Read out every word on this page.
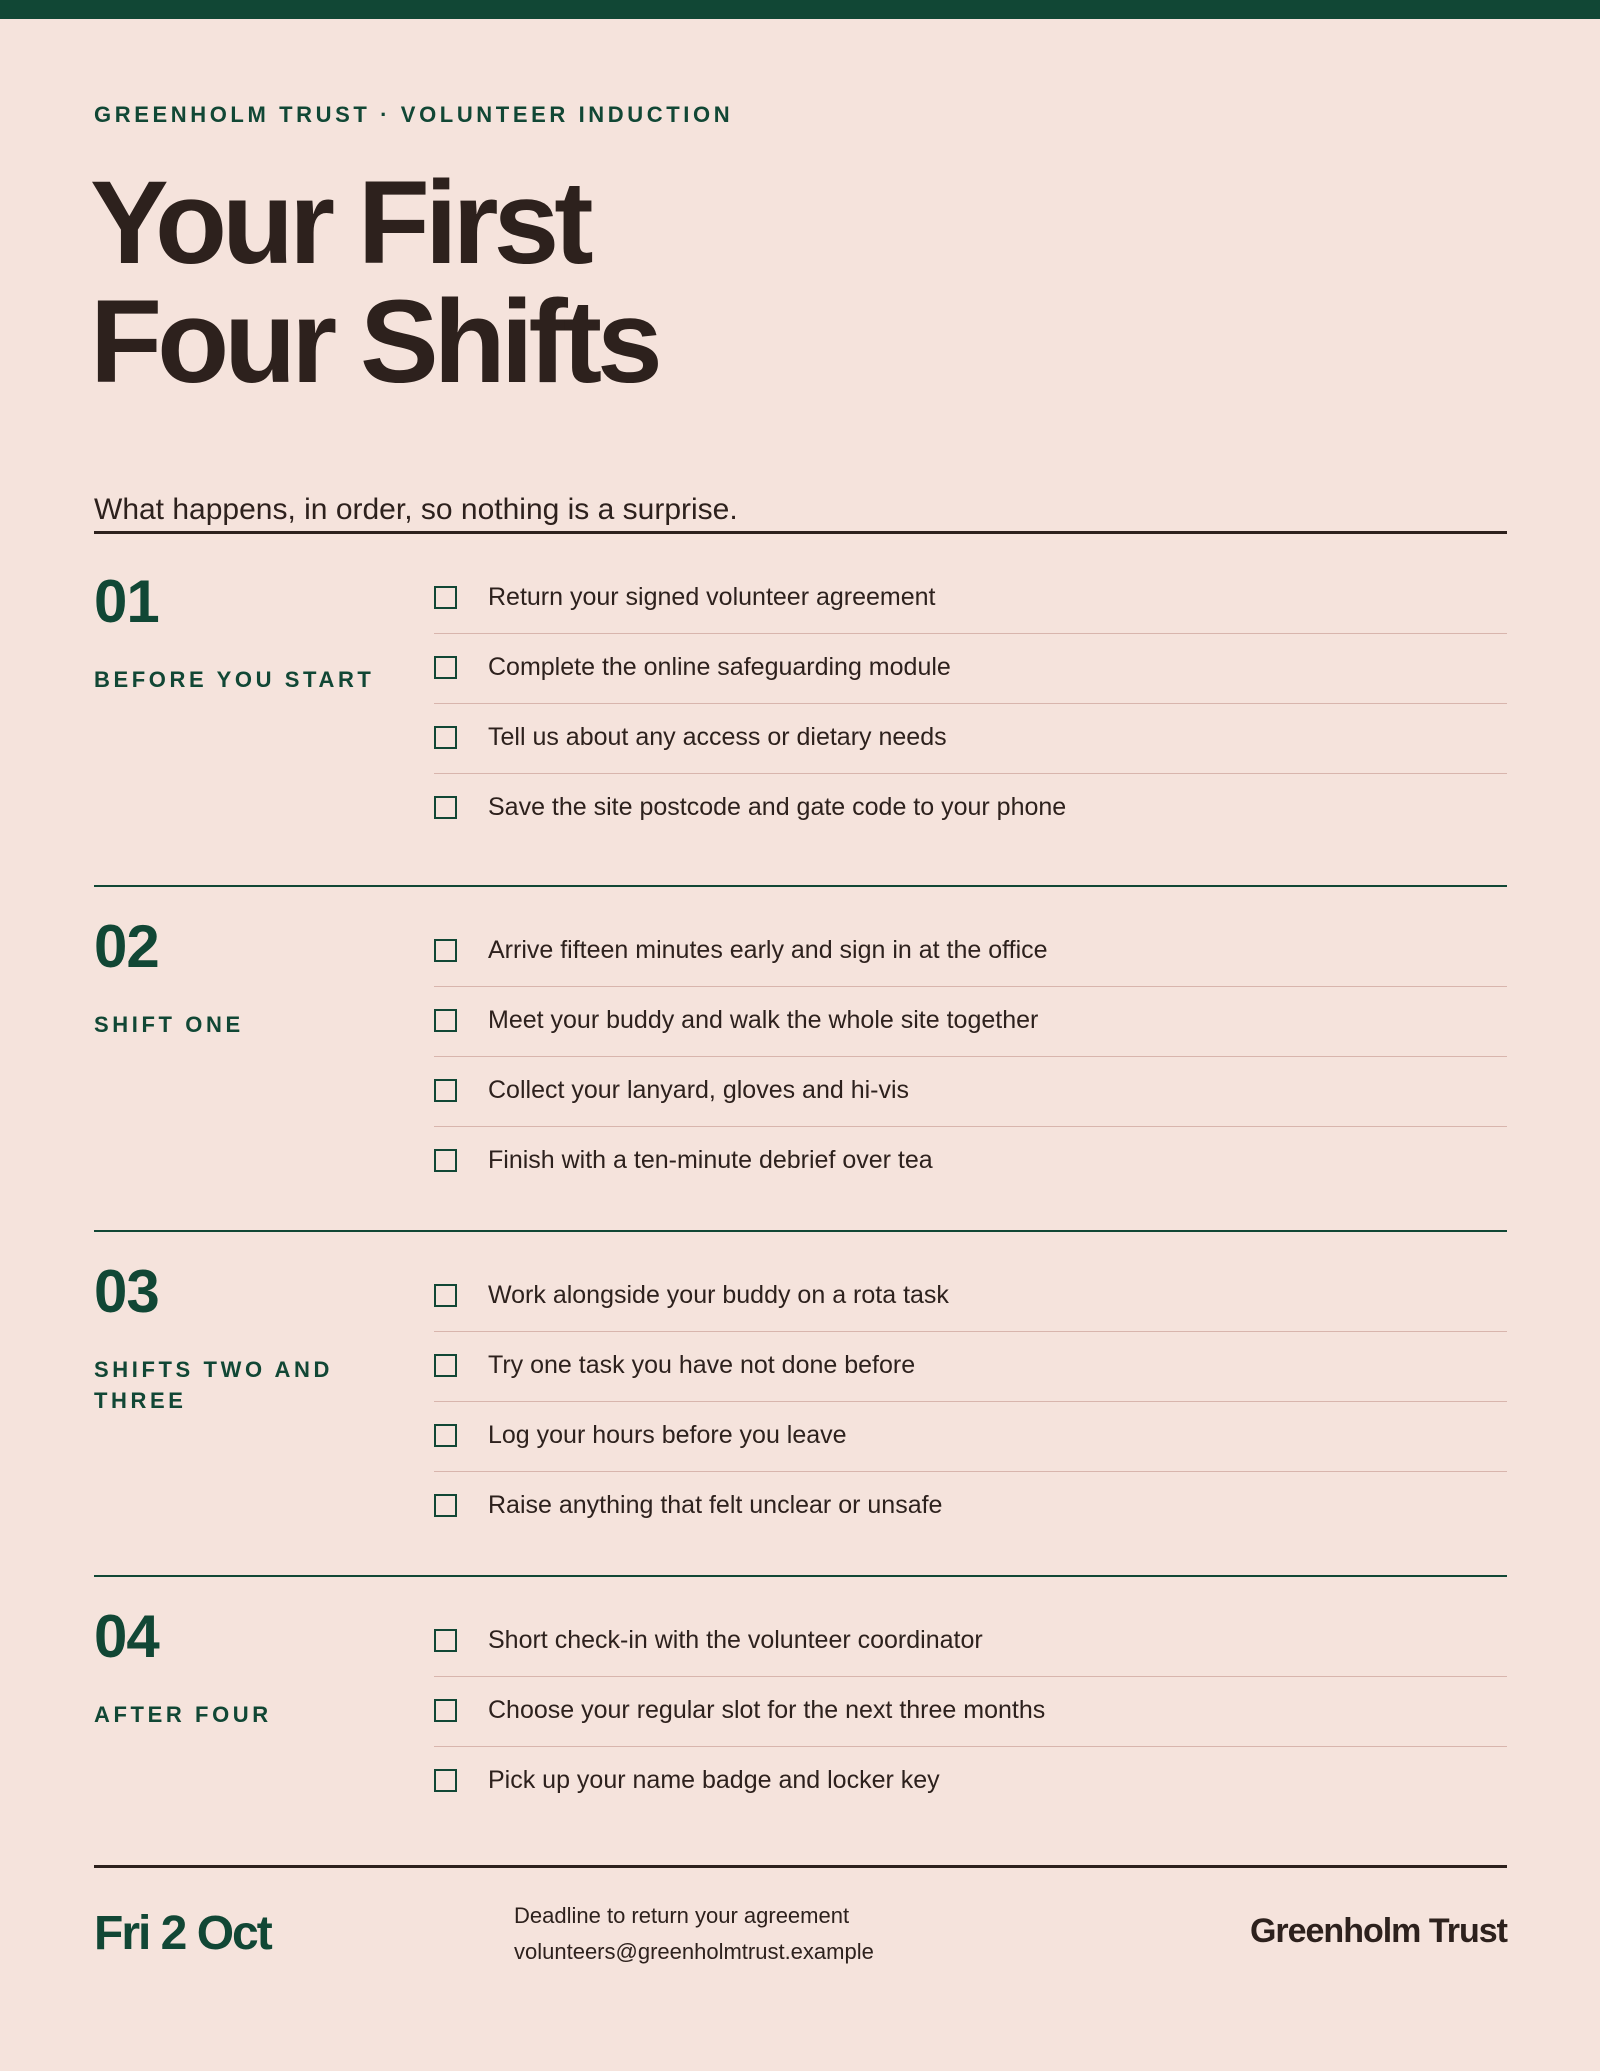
GREENHOLM TRUST · VOLUNTEER INDUCTION
Your First
Four Shifts
What happens, in order, so nothing is a surprise.
01
BEFORE YOU START
Return your signed volunteer agreement
Complete the online safeguarding module
Tell us about any access or dietary needs
Save the site postcode and gate code to your phone
02
SHIFT ONE
Arrive fifteen minutes early and sign in at the office
Meet your buddy and walk the whole site together
Collect your lanyard, gloves and hi-vis
Finish with a ten-minute debrief over tea
03
SHIFTS TWO AND THREE
Work alongside your buddy on a rota task
Try one task you have not done before
Log your hours before you leave
Raise anything that felt unclear or unsafe
04
AFTER FOUR
Short check-in with the volunteer coordinator
Choose your regular slot for the next three months
Pick up your name badge and locker key
Fri 2 Oct	Deadline to return your agreement
volunteers@greenholmtrust.example
Greenholm Trust
